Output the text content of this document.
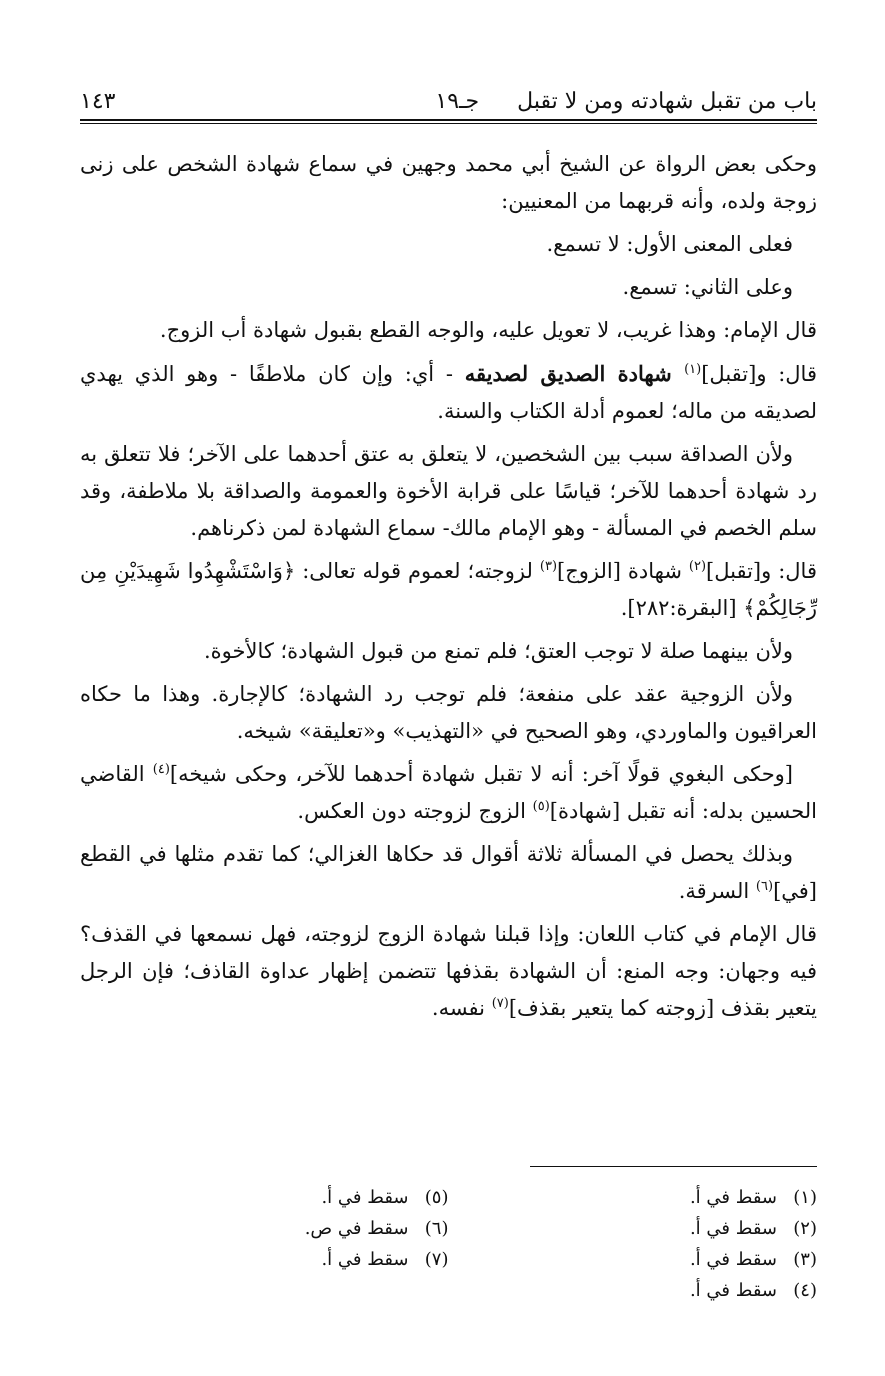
باب من تقبل شهادته ومن لا تقبل
جـ١٩
١٤٣

وحكى بعض الرواة عن الشيخ أبي محمد وجهين في سماع شهادة الشخص على زنى زوجة ولده، وأنه قربهما من المعنيين:

فعلى المعنى الأول: لا تسمع.

وعلى الثاني: تسمع.

قال الإمام: وهذا غريب، لا تعويل عليه، والوجه القطع بقبول شهادة أب الزوج.

قال: و[تقبل]$^{(١)}$ شهادة الصديق لصديقه - أي: وإن كان ملاطفًا - وهو الذي يهدي لصديقه من ماله؛ لعموم أدلة الكتاب والسنة.

ولأن الصداقة سبب بين الشخصين، لا يتعلق به عتق أحدهما على الآخر؛ فلا تتعلق به رد شهادة أحدهما للآخر؛ قياسًا على قرابة الأخوة والعمومة والصداقة بلا ملاطفة، وقد سلم الخصم في المسألة - وهو الإمام مالك- سماع الشهادة لمن ذكرناهم.

قال: و[تقبل]$^{(٢)}$ شهادة [الزوج]$^{(٣)}$ لزوجته؛ لعموم قوله تعالى: ﴿وَاسْتَشْهِدُوا شَهِيدَيْنِ مِن رِّجَالِكُمْ﴾ [البقرة:٢٨٢].

ولأن بينهما صلة لا توجب العتق؛ فلم تمنع من قبول الشهادة؛ كالأخوة.

ولأن الزوجية عقد على منفعة؛ فلم توجب رد الشهادة؛ كالإجارة. وهذا ما حكاه العراقيون والماوردي، وهو الصحيح في «التهذيب» و«تعليقة» شيخه.

[وحكى البغوي قولًا آخر: أنه لا تقبل شهادة أحدهما للآخر، وحكى شيخه]$^{(٤)}$ القاضي الحسين بدله: أنه تقبل [شهادة]$^{(٥)}$ الزوج لزوجته دون العكس.

وبذلك يحصل في المسألة ثلاثة أقوال قد حكاها الغزالي؛ كما تقدم مثلها في القطع [في]$^{(٦)}$ السرقة.

قال الإمام في كتاب اللعان: وإذا قبلنا شهادة الزوج لزوجته، فهل نسمعها في القذف؟ فيه وجهان: وجه المنع: أن الشهادة بقذفها تتضمن إظهار عداوة القاذف؛ فإن الرجل يتعير بقذف [زوجته كما يتعير بقذف]$^{(٧)}$ نفسه.

(١)سقط في أ.
(٢)سقط في أ.
(٣)سقط في أ.
(٤)سقط في أ.
(٥)سقط في أ.
(٦)سقط في ص.
(٧)سقط في أ.
